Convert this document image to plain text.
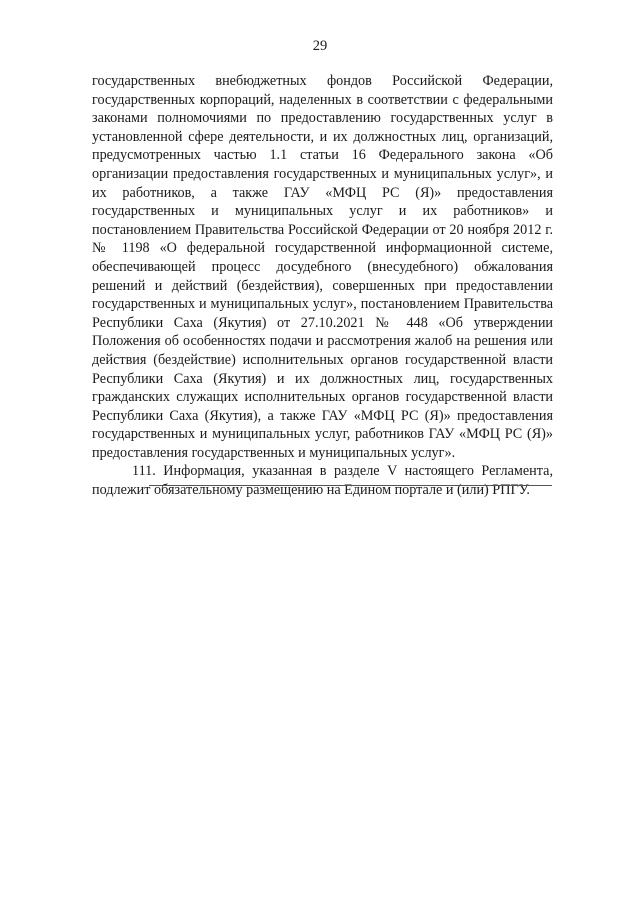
29

государственных внебюджетных фондов Российской Федерации, государственных корпораций, наделенных в соответствии с федеральными законами полномочиями по предоставлению государственных услуг в установленной сфере деятельности, и их должностных лиц, организаций, предусмотренных частью 1.1 статьи 16 Федерального закона «Об организации предоставления государственных и муниципальных услуг», и их работников, а также ГАУ «МФЦ РС (Я)» предоставления государственных и муниципальных услуг и их работников» и постановлением Правительства Российской Федерации от 20 ноября 2012 г. № 1198 «О федеральной государственной информационной системе, обеспечивающей процесс досудебного (внесудебного) обжалования решений и действий (бездействия), совершенных при предоставлении государственных и муниципальных услуг», постановлением Правительства Республики Саха (Якутия) от 27.10.2021 № 448 «Об утверждении Положения об особенностях подачи и рассмотрения жалоб на решения или действия (бездействие) исполнительных органов государственной власти Республики Саха (Якутия) и их должностных лиц, государственных гражданских служащих исполнительных органов государственной власти Республики Саха (Якутия), а также ГАУ «МФЦ РС (Я)» предоставления государственных и муниципальных услуг, работников ГАУ «МФЦ РС (Я)» предоставления государственных и муниципальных услуг».

111. Информация, указанная в разделе V настоящего Регламента, подлежит обязательному размещению на Едином портале и (или) РПГУ.
